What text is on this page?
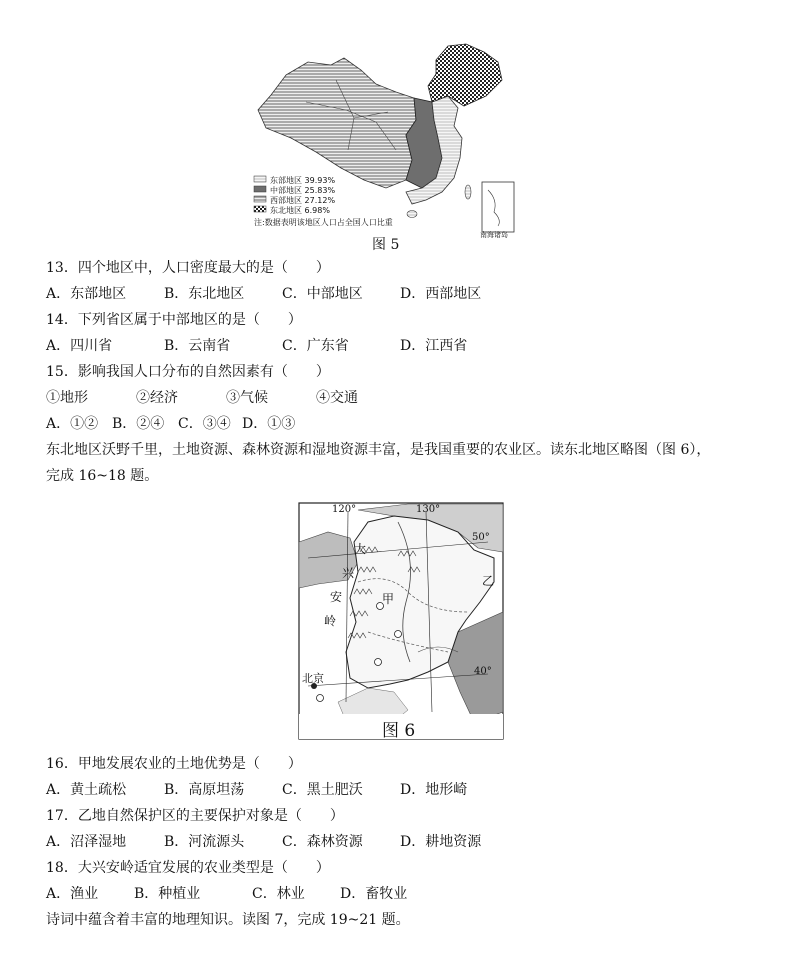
东部地区 39.93%
中部地区 25.83%
西部地区 27.12%
东北地区 6.98%
注:数据表明该地区人口占全国人口比重
南海诸岛
图 5
13．四个地区中，人口密度最大的是（　　）
A．东部地区	B．东北地区	C．中部地区	D．西部地区
14．下列省区属于中部地区的是（　　）
A．四川省	B．云南省	C．广东省	D．江西省
15．影响我国人口分布的自然因素有（　　）
①地形	②经济	③气候	④交通
A．①② B．②④ C．③④ D．①③
东北地区沃野千里，土地资源、森林资源和湿地资源丰富，是我国重要的农业区。读东北地区略图（图 6），
完成 16~18 题。
120°	130°
50°
40°
大
兴
安
岭
甲
乙
北京
图 6
16．甲地发展农业的土地优势是（　　）
A．黄土疏松	B．高原坦荡	C．黑土肥沃	D．地形崎
17．乙地自然保护区的主要保护对象是（　　）
A．沼泽湿地	B．河流源头	C．森林资源	D．耕地资源
18．大兴安岭适宜发展的农业类型是（　　）
A．渔业	B．种植业	C．林业	D．畜牧业
诗词中蕴含着丰富的地理知识。读图 7，完成 19~21 题。
